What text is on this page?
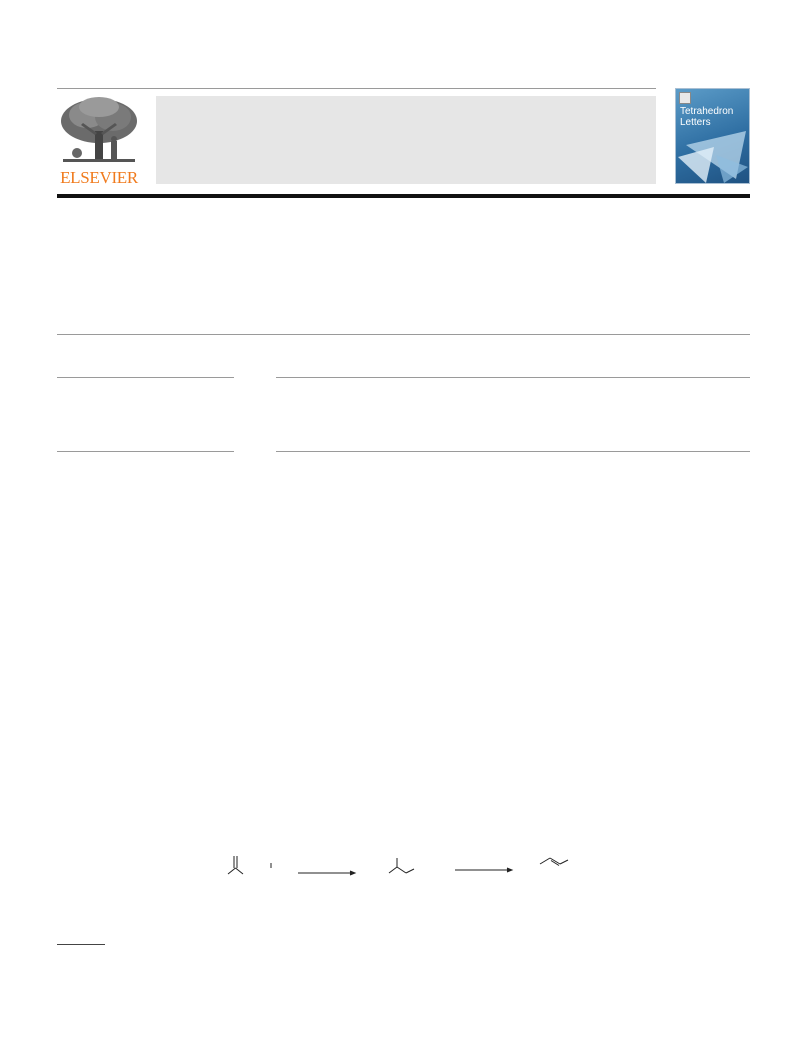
ELSEVIER
Tetrahedron
Letters
